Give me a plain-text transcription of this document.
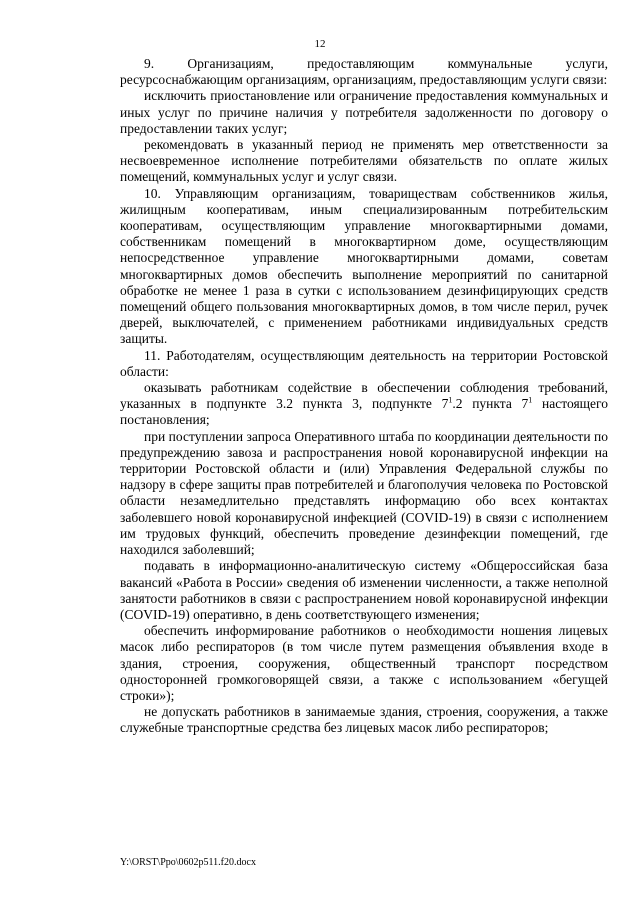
12

9. Организациям, предоставляющим коммунальные услуги, ресурсоснабжающим организациям, организациям, предоставляющим услуги связи:

исключить приостановление или ограничение предоставления коммунальных и иных услуг по причине наличия у потребителя задолженности по договору о предоставлении таких услуг;

рекомендовать в указанный период не применять мер ответственности за несвоевременное исполнение потребителями обязательств по оплате жилых помещений, коммунальных услуг и услуг связи.

10. Управляющим организациям, товариществам собственников жилья, жилищным кооперативам, иным специализированным потребительским кооперативам, осуществляющим управление многоквартирными домами, собственникам помещений в многоквартирном доме, осуществляющим непосредственное управление многоквартирными домами, советам многоквартирных домов обеспечить выполнение мероприятий по санитарной обработке не менее 1 раза в сутки с использованием дезинфицирующих средств помещений общего пользования многоквартирных домов, в том числе перил, ручек дверей, выключателей, с применением работниками индивидуальных средств защиты.

11. Работодателям, осуществляющим деятельность на территории Ростовской области:

оказывать работникам содействие в обеспечении соблюдения требований, указанных в подпункте 3.2 пункта 3, подпункте $7^1.2$ пункта $7^1$ настоящего постановления;

при поступлении запроса Оперативного штаба по координации деятельности по предупреждению завоза и распространения новой коронавирусной инфекции на территории Ростовской области и (или) Управления Федеральной службы по надзору в сфере защиты прав потребителей и благополучия человека по Ростовской области незамедлительно представлять информацию обо всех контактах заболевшего новой коронавирусной инфекцией (COVID-19) в связи с исполнением им трудовых функций, обеспечить проведение дезинфекции помещений, где находился заболевший;

подавать в информационно-аналитическую систему «Общероссийская база вакансий «Работа в России» сведения об изменении численности, а также неполной занятости работников в связи с распространением новой коронавирусной инфекции (COVID-19) оперативно, в день соответствующего изменения;

обеспечить информирование работников о необходимости ношения лицевых масок либо респираторов (в том числе путем размещения объявления входе в здания, строения, сооружения, общественный транспорт посредством односторонней громкоговорящей связи, а также с использованием «бегущей строки»);

не допускать работников в занимаемые здания, строения, сооружения, а также служебные транспортные средства без лицевых масок либо респираторов;

Y:\ORST\Ppo\0602p511.f20.docx
